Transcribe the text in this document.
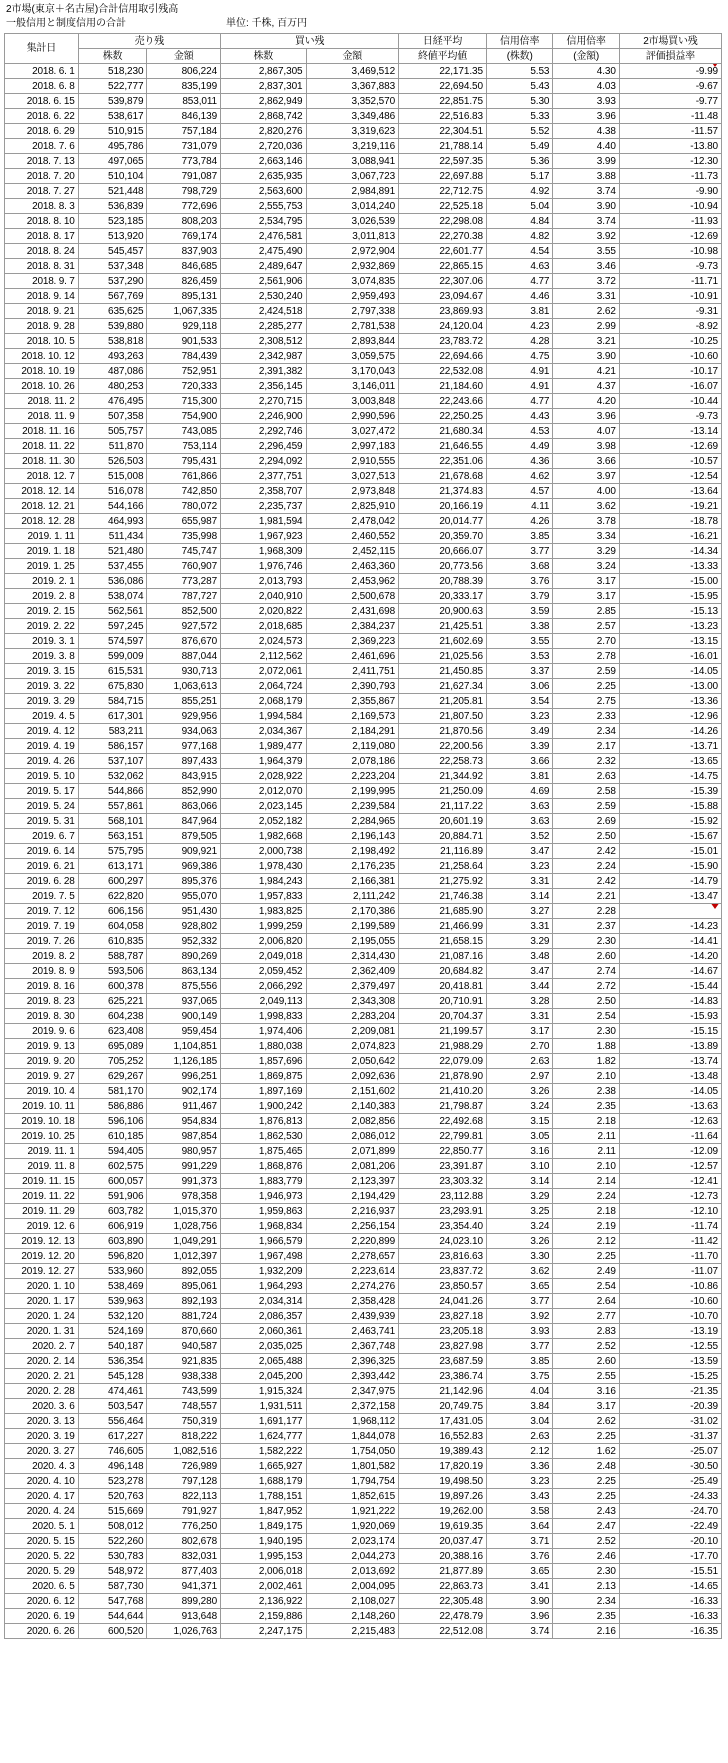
2市場(東京＋名古屋)合計信用取引残高
一般信用と制度信用の合計	単位: 千株, 百万円
集計日	売り残		買い残		日経平均	信用倍率	信用倍率	2市場買い残
	株数	金額	株数	金額	終値平均値	(株数)	(金額)	評価損益率
2018. 6. 1	518,230	806,224	2,867,305	3,469,512	22,171.35	5.53	4.30	-9.99

2018. 6. 8	522,777	835,199	2,837,301	3,367,883	22,694.50	5.43	4.03	-9.67
2018. 6. 15	539,879	853,011	2,862,949	3,352,570	22,851.75	5.30	3.93	-9.77
2018. 6. 22	538,617	846,139	2,868,742	3,349,486	22,516.83	5.33	3.96	-11.48
2018. 6. 29	510,915	757,184	2,820,276	3,319,623	22,304.51	5.52	4.38	-11.57
2018. 7. 6	495,786	731,079	2,720,036	3,219,116	21,788.14	5.49	4.40	-13.80
2018. 7. 13	497,065	773,784	2,663,146	3,088,941	22,597.35	5.36	3.99	-12.30
2018. 7. 20	510,104	791,087	2,635,935	3,067,723	22,697.88	5.17	3.88	-11.73
2018. 7. 27	521,448	798,729	2,563,600	2,984,891	22,712.75	4.92	3.74	-9.90
2018. 8. 3	536,839	772,696	2,555,753	3,014,240	22,525.18	5.04	3.90	-10.94
2018. 8. 10	523,185	808,203	2,534,795	3,026,539	22,298.08	4.84	3.74	-11.93
2018. 8. 17	513,920	769,174	2,476,581	3,011,813	22,270.38	4.82	3.92	-12.69
2018. 8. 24	545,457	837,903	2,475,490	2,972,904	22,601.77	4.54	3.55	-10.98
2018. 8. 31	537,348	846,685	2,489,647	2,932,869	22,865.15	4.63	3.46	-9.73
2018. 9. 7	537,290	826,459	2,561,906	3,074,835	22,307.06	4.77	3.72	-11.71
2018. 9. 14	567,769	895,131	2,530,240	2,959,493	23,094.67	4.46	3.31	-10.91
2018. 9. 21	635,625	1,067,335	2,424,518	2,797,338	23,869.93	3.81	2.62	-9.31
2018. 9. 28	539,880	929,118	2,285,277	2,781,538	24,120.04	4.23	2.99	-8.92
2018. 10. 5	538,818	901,533	2,308,512	2,893,844	23,783.72	4.28	3.21	-10.25
2018. 10. 12	493,263	784,439	2,342,987	3,059,575	22,694.66	4.75	3.90	-10.60
2018. 10. 19	487,086	752,951	2,391,382	3,170,043	22,532.08	4.91	4.21	-10.17
2018. 10. 26	480,253	720,333	2,356,145	3,146,011	21,184.60	4.91	4.37	-16.07
2018. 11. 2	476,495	715,300	2,270,715	3,003,848	22,243.66	4.77	4.20	-10.44
2018. 11. 9	507,358	754,900	2,246,900	2,990,596	22,250.25	4.43	3.96	-9.73
2018. 11. 16	505,757	743,085	2,292,746	3,027,472	21,680.34	4.53	4.07	-13.14
2018. 11. 22	511,870	753,114	2,296,459	2,997,183	21,646.55	4.49	3.98	-12.69
2018. 11. 30	526,503	795,431	2,294,092	2,910,555	22,351.06	4.36	3.66	-10.57
2018. 12. 7	515,008	761,866	2,377,751	3,027,513	21,678.68	4.62	3.97	-12.54
2018. 12. 14	516,078	742,850	2,358,707	2,973,848	21,374.83	4.57	4.00	-13.64
2018. 12. 21	544,166	780,072	2,235,737	2,825,910	20,166.19	4.11	3.62	-19.21
2018. 12. 28	464,993	655,987	1,981,594	2,478,042	20,014.77	4.26	3.78	-18.78
2019. 1. 11	511,434	735,998	1,967,923	2,460,552	20,359.70	3.85	3.34	-16.21
2019. 1. 18	521,480	745,747	1,968,309	2,452,115	20,666.07	3.77	3.29	-14.34
2019. 1. 25	537,455	760,907	1,976,746	2,463,360	20,773.56	3.68	3.24	-13.33
2019. 2. 1	536,086	773,287	2,013,793	2,453,962	20,788.39	3.76	3.17	-15.00
2019. 2. 8	538,074	787,727	2,040,910	2,500,678	20,333.17	3.79	3.17	-15.95
2019. 2. 15	562,561	852,500	2,020,822	2,431,698	20,900.63	3.59	2.85	-15.13
2019. 2. 22	597,245	927,572	2,018,685	2,384,237	21,425.51	3.38	2.57	-13.23
2019. 3. 1	574,597	876,670	2,024,573	2,369,223	21,602.69	3.55	2.70	-13.15
2019. 3. 8	599,009	887,044	2,112,562	2,461,696	21,025.56	3.53	2.78	-16.01
2019. 3. 15	615,531	930,713	2,072,061	2,411,751	21,450.85	3.37	2.59	-14.05
2019. 3. 22	675,830	1,063,613	2,064,724	2,390,793	21,627.34	3.06	2.25	-13.00
2019. 3. 29	584,715	855,251	2,068,179	2,355,867	21,205.81	3.54	2.75	-13.36
2019. 4. 5	617,301	929,956	1,994,584	2,169,573	21,807.50	3.23	2.33	-12.96
2019. 4. 12	583,211	934,063	2,034,367	2,184,291	21,870.56	3.49	2.34	-14.26
2019. 4. 19	586,157	977,168	1,989,477	2,119,080	22,200.56	3.39	2.17	-13.71
2019. 4. 26	537,107	897,433	1,964,379	2,078,186	22,258.73	3.66	2.32	-13.65
2019. 5. 10	532,062	843,915	2,028,922	2,223,204	21,344.92	3.81	2.63	-14.75
2019. 5. 17	544,866	852,990	2,012,070	2,199,995	21,250.09	4.69	2.58	-15.39
2019. 5. 24	557,861	863,066	2,023,145	2,239,584	21,117.22	3.63	2.59	-15.88
2019. 5. 31	568,101	847,964	2,052,182	2,284,965	20,601.19	3.63	2.69	-15.92
2019. 6. 7	563,151	879,505	1,982,668	2,196,143	20,884.71	3.52	2.50	-15.67
2019. 6. 14	575,795	909,921	2,000,738	2,198,492	21,116.89	3.47	2.42	-15.01
2019. 6. 21	613,171	969,386	1,978,430	2,176,235	21,258.64	3.23	2.24	-15.90
2019. 6. 28	600,297	895,376	1,984,243	2,166,381	21,275.92	3.31	2.42	-14.79
2019. 7. 5	622,820	955,070	1,957,833	2,111,242	21,746.38	3.14	2.21	-13.47
2019. 7. 12	606,156	951,430	1,983,825	2,170,386	21,685.90	3.27	2.28	

2019. 7. 19	604,058	928,802	1,999,259	2,199,589	21,466.99	3.31	2.37	-14.23
2019. 7. 26	610,835	952,332	2,006,820	2,195,055	21,658.15	3.29	2.30	-14.41
2019. 8. 2	588,787	890,269	2,049,018	2,314,430	21,087.16	3.48	2.60	-14.20
2019. 8. 9	593,506	863,134	2,059,452	2,362,409	20,684.82	3.47	2.74	-14.67
2019. 8. 16	600,378	875,556	2,066,292	2,379,497	20,418.81	3.44	2.72	-15.44
2019. 8. 23	625,221	937,065	2,049,113	2,343,308	20,710.91	3.28	2.50	-14.83
2019. 8. 30	604,238	900,149	1,998,833	2,283,204	20,704.37	3.31	2.54	-15.93
2019. 9. 6	623,408	959,454	1,974,406	2,209,081	21,199.57	3.17	2.30	-15.15
2019. 9. 13	695,089	1,104,851	1,880,038	2,074,823	21,988.29	2.70	1.88	-13.89
2019. 9. 20	705,252	1,126,185	1,857,696	2,050,642	22,079.09	2.63	1.82	-13.74
2019. 9. 27	629,267	996,251	1,869,875	2,092,636	21,878.90	2.97	2.10	-13.48
2019. 10. 4	581,170	902,174	1,897,169	2,151,602	21,410.20	3.26	2.38	-14.05
2019. 10. 11	586,886	911,467	1,900,242	2,140,383	21,798.87	3.24	2.35	-13.63
2019. 10. 18	596,106	954,834	1,876,813	2,082,856	22,492.68	3.15	2.18	-12.63
2019. 10. 25	610,185	987,854	1,862,530	2,086,012	22,799.81	3.05	2.11	-11.64
2019. 11. 1	594,405	980,957	1,875,465	2,071,899	22,850.77	3.16	2.11	-12.09
2019. 11. 8	602,575	991,229	1,868,876	2,081,206	23,391.87	3.10	2.10	-12.57
2019. 11. 15	600,057	991,373	1,883,779	2,123,397	23,303.32	3.14	2.14	-12.41
2019. 11. 22	591,906	978,358	1,946,973	2,194,429	23,112.88	3.29	2.24	-12.73
2019. 11. 29	603,782	1,015,370	1,959,863	2,216,937	23,293.91	3.25	2.18	-12.10
2019. 12. 6	606,919	1,028,756	1,968,834	2,256,154	23,354.40	3.24	2.19	-11.74
2019. 12. 13	603,890	1,049,291	1,966,579	2,220,899	24,023.10	3.26	2.12	-11.42
2019. 12. 20	596,820	1,012,397	1,967,498	2,278,657	23,816.63	3.30	2.25	-11.70
2019. 12. 27	533,960	892,055	1,932,209	2,223,614	23,837.72	3.62	2.49	-11.07
2020. 1. 10	538,469	895,061	1,964,293	2,274,276	23,850.57	3.65	2.54	-10.86
2020. 1. 17	539,963	892,193	2,034,314	2,358,428	24,041.26	3.77	2.64	-10.60
2020. 1. 24	532,120	881,724	2,086,357	2,439,939	23,827.18	3.92	2.77	-10.70
2020. 1. 31	524,169	870,660	2,060,361	2,463,741	23,205.18	3.93	2.83	-13.19
2020. 2. 7	540,187	940,587	2,035,025	2,367,748	23,827.98	3.77	2.52	-12.55
2020. 2. 14	536,354	921,835	2,065,488	2,396,325	23,687.59	3.85	2.60	-13.59
2020. 2. 21	545,128	938,338	2,045,200	2,393,442	23,386.74	3.75	2.55	-15.25
2020. 2. 28	474,461	743,599	1,915,324	2,347,975	21,142.96	4.04	3.16	-21.35
2020. 3. 6	503,547	748,557	1,931,511	2,372,158	20,749.75	3.84	3.17	-20.39
2020. 3. 13	556,464	750,319	1,691,177	1,968,112	17,431.05	3.04	2.62	-31.02
2020. 3. 19	617,227	818,222	1,624,777	1,844,078	16,552.83	2.63	2.25	-31.37
2020. 3. 27	746,605	1,082,516	1,582,222	1,754,050	19,389.43	2.12	1.62	-25.07
2020. 4. 3	496,148	726,989	1,665,927	1,801,582	17,820.19	3.36	2.48	-30.50
2020. 4. 10	523,278	797,128	1,688,179	1,794,754	19,498.50	3.23	2.25	-25.49
2020. 4. 17	520,763	822,113	1,788,151	1,852,615	19,897.26	3.43	2.25	-24.33
2020. 4. 24	515,669	791,927	1,847,952	1,921,222	19,262.00	3.58	2.43	-24.70
2020. 5. 1	508,012	776,250	1,849,175	1,920,069	19,619.35	3.64	2.47	-22.49
2020. 5. 15	522,260	802,678	1,940,195	2,023,174	20,037.47	3.71	2.52	-20.10
2020. 5. 22	530,783	832,031	1,995,153	2,044,273	20,388.16	3.76	2.46	-17.70
2020. 5. 29	548,972	877,403	2,006,018	2,013,692	21,877.89	3.65	2.30	-15.51
2020. 6. 5	587,730	941,371	2,002,461	2,004,095	22,863.73	3.41	2.13	-14.65
2020. 6. 12	547,768	899,280	2,136,922	2,108,027	22,305.48	3.90	2.34	-16.33
2020. 6. 19	544,644	913,648	2,159,886	2,148,260	22,478.79	3.96	2.35	-16.33
2020. 6. 26	600,520	1,026,763	2,247,175	2,215,483	22,512.08	3.74	2.16	-16.35
